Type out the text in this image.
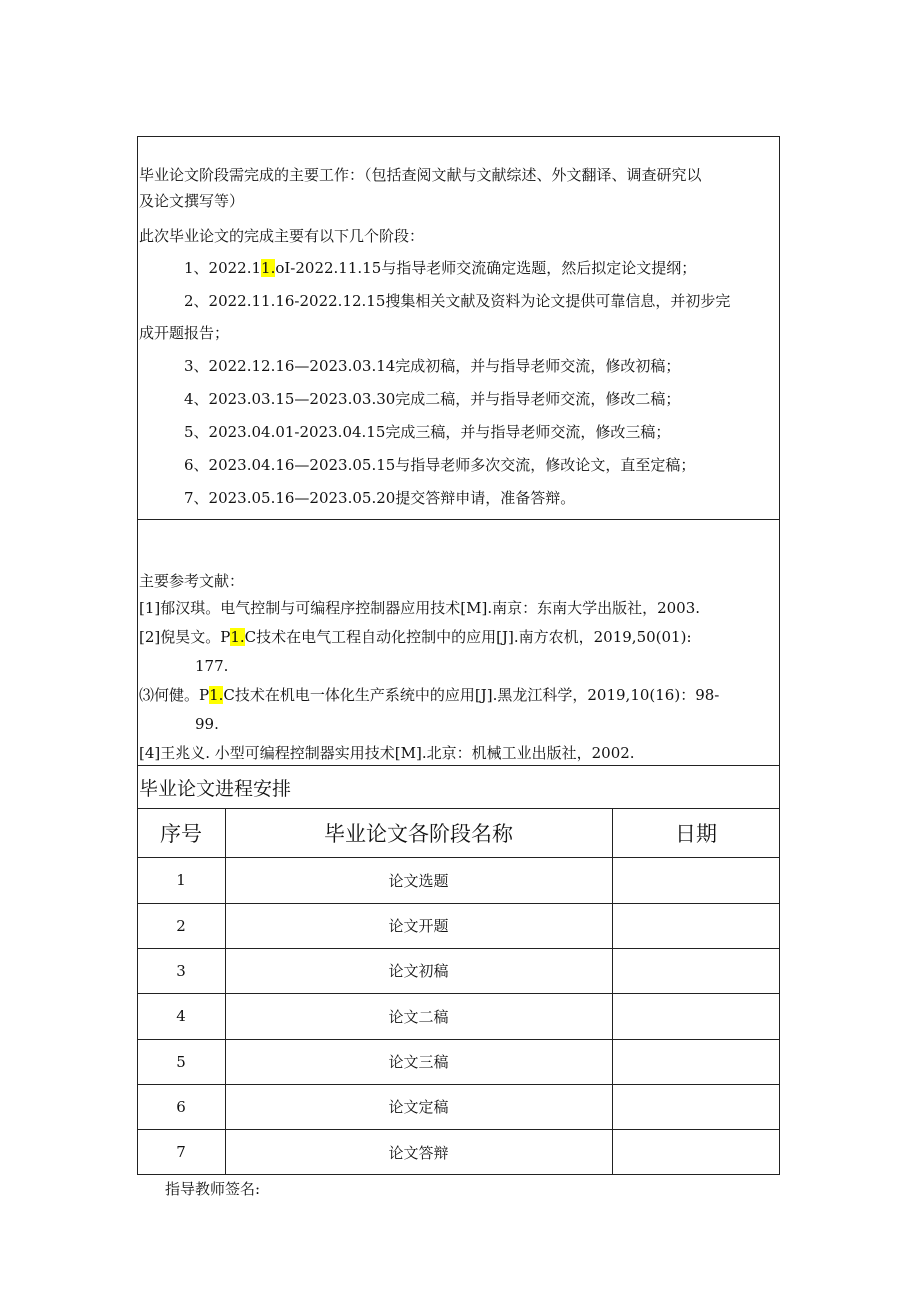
毕业论文阶段需完成的主要工作：（包括查阅文献与文献综述、外文翻译、调查研究以
及论文撰写等）
此次毕业论文的完成主要有以下几个阶段：
1、2022.11.oI-2022.11.15与指导老师交流确定选题，然后拟定论文提纲；
2、2022.11.16-2022.12.15搜集相关文献及资料为论文提供可靠信息，并初步完
成开题报告；
3、2022.12.16—2023.03.14完成初稿，并与指导老师交流，修改初稿；
4、2023.03.15—2023.03.30完成二稿，并与指导老师交流，修改二稿；
5、2023.04.01-2023.04.15完成三稿，并与指导老师交流，修改三稿；
6、2023.04.16—2023.05.15与指导老师多次交流，修改论文，直至定稿；
7、2023.05.16—2023.05.20提交答辩申请，准备答辩。
主要参考文献：
[1]郁汉琪。电气控制与可编程序控制器应用技术[M].南京：东南大学出版社，2003.
[2]倪昊文。P1.C技术在电气工程自动化控制中的应用[J].南方农机，2019,50(01):
177.
⑶何健。P1.C技术在机电一体化生产系统中的应用[J].黑龙江科学，2019,10(16)：98-
99.
[4]王兆义. 小型可编程控制器实用技术[M].北京：机械工业出版社，2002.
毕业论文进程安排
序号	毕业论文各阶段名称	日期
1	论文选题
2	论文开题
3	论文初稿
4	论文二稿
5	论文三稿
6	论文定稿
7	论文答辩
指导教师签名:
